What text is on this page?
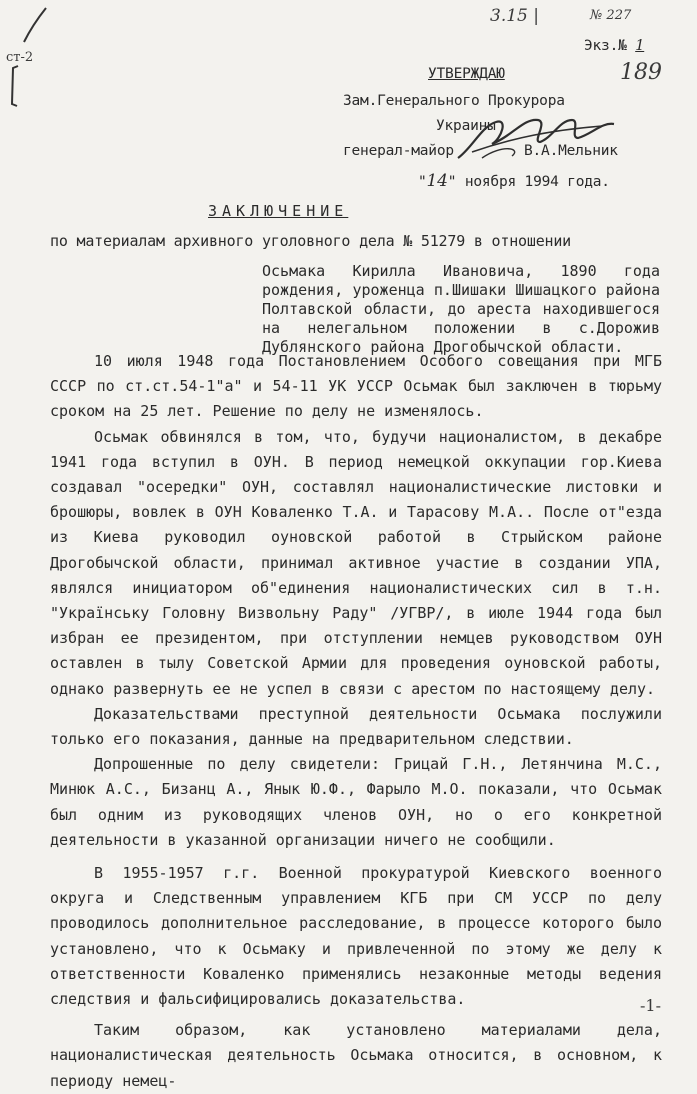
ст-2
3.15 |	№ 227
Экз.№ 1
189
УТВЕРЖДАЮ
Зам.Генерального Прокурора
Украины
генерал-майор	В.А.Мельник
"14" ноября 1994 года.
ЗАКЛЮЧЕНИЕ
по материалам архивного уголовного дела № 51279 в отношении

Осьмака Кирилла Ивановича, 1890 года рождения, уроженца п.Шишаки Шишацкого района Полтавской области, до ареста находившегося на нелегальном положении в с.Дорожив Дублянского района Дрогобычской области.

10 июля 1948 года Постановлением Особого совещания при МГБ СССР по ст.ст.54-1"а" и 54-11 УК УССР Осьмак был заключен в тюрьму сроком на 25 лет. Решение по делу не изменялось.

Осьмак обвинялся в том, что, будучи националистом, в декабре 1941 года вступил в ОУН. В период немецкой оккупации гор.Киева создавал "осередки" ОУН, составлял националистические листовки и брошюры, вовлек в ОУН Коваленко Т.А. и Тарасову М.А.. После от"езда из Киева руководил оуновской работой в Стрыйском районе Дрогобычской области, принимал активное участие в создании УПА, являлся инициатором об"единения националистических сил в т.н. "Українську Головну Визвольну Раду" /УГВР/, в июле 1944 года был избран ее президентом, при отступлении немцев руководством ОУН оставлен в тылу Советской Армии для проведения оуновской работы, однако развернуть ее не успел в связи с арестом по настоящему делу.

Доказательствами преступной деятельности Осьмака послужили только его показания, данные на предварительном следствии.

Допрошенные по делу свидетели: Грицай Г.Н., Летянчина М.С., Минюк А.С., Бизанц А., Янык Ю.Ф., Фарыло М.О. показали, что Осьмак был одним из руководящих членов ОУН, но о его конкретной деятельности в указанной организации ничего не сообщили.

В 1955-1957 г.г. Военной прокуратурой Киевского военного округа и Следственным управлением КГБ при СМ УССР по делу проводилось дополнительное расследование, в процессе которого было установлено, что к Осьмаку и привлеченной по этому же делу к ответственности Коваленко применялись незаконные методы ведения следствия и фальсифицировались доказательства.

Таким образом, как установлено материалами дела, националистическая деятельность Осьмака относится, в основном, к периоду немец-

-1-
